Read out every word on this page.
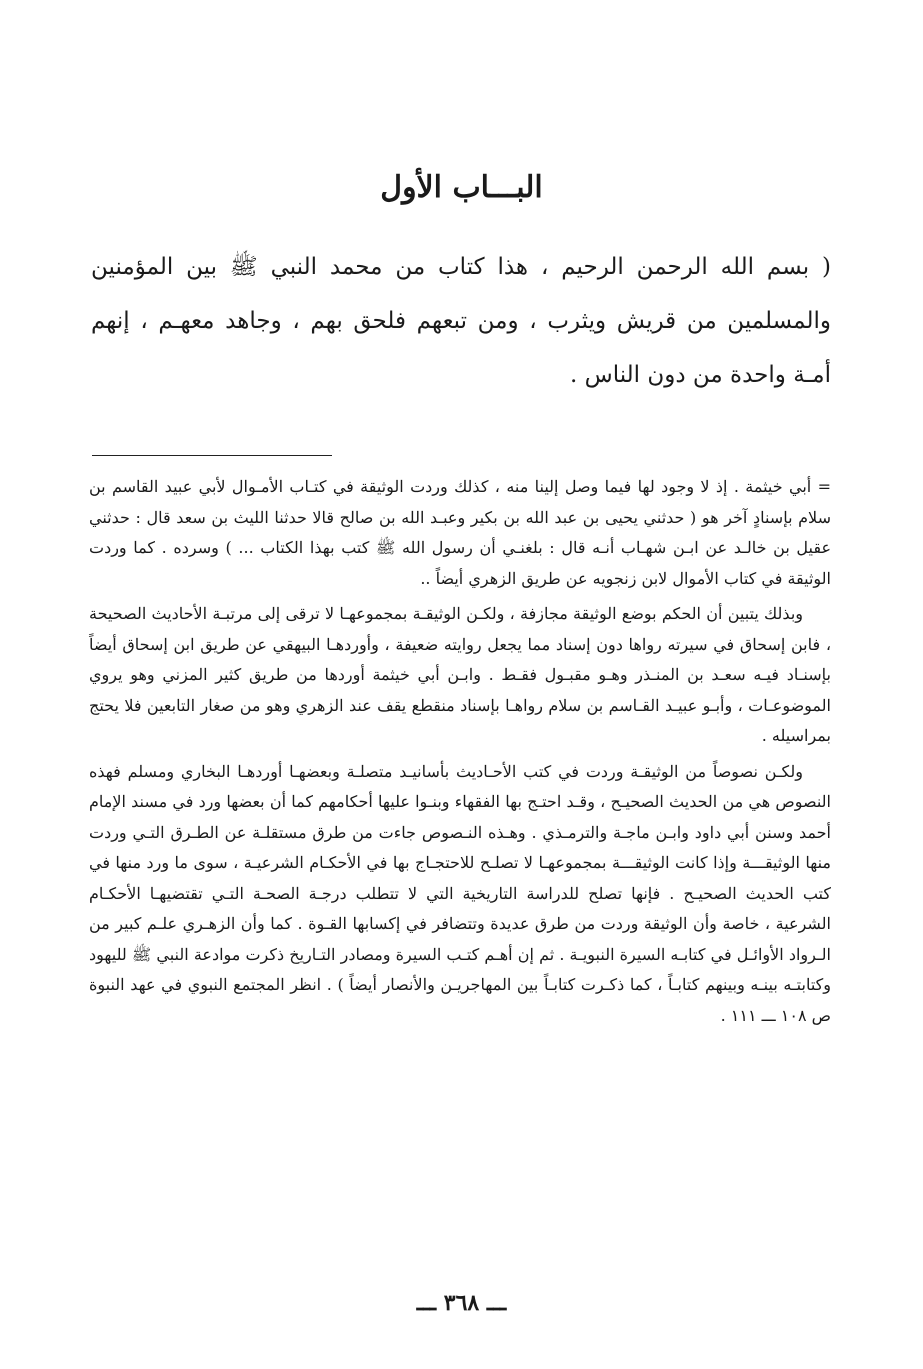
البـــاب الأول

( بسم الله الرحمن الرحيم ، هذا كتاب من محمد النبي ﷺ بين المؤمنين والمسلمين من قريش ويثرب ، ومن تبعهم فلحق بهم ، وجاهد معهـم ، إنهم أمـة واحدة من دون الناس .

= أبي خيثمة . إذ لا وجود لها فيما وصل إلينا منه ، كذلك وردت الوثيقة في كتـاب الأمـوال لأبي عبيد القاسم بن سلام بإسنادٍ آخر هو ( حدثني يحيى بن عبد الله بن بكير وعبـد الله بن صالح قالا حدثنا الليث بن سعد قال : حدثني عقيل بن خالـد عن ابـن شهـاب أنـه قال : بلغنـي أن رسول الله ﷺ كتب بهذا الكتاب ... ) وسرده . كما وردت الوثيقة في كتاب الأموال لابن زنجويه عن طريق الزهري أيضاً ..

وبذلك يتبين أن الحكم بوضع الوثيقة مجازفة ، ولكـن الوثيقـة بمجموعهـا لا ترقى إلى مرتبـة الأحاديث الصحيحة ، فابن إسحاق في سيرته رواها دون إسناد مما يجعل روايته ضعيفة ، وأوردهـا البيهقي عن طريق ابن إسحاق أيضاً بإسنـاد فيـه سعـد بن المنـذر وهـو مقبـول فقـط . وابـن أبي خيثمة أوردها من طريق كثير المزني وهو يروي الموضوعـات ، وأبـو عبيـد القـاسم بن سلام رواهـا بإسناد منقطع يقف عند الزهري وهو من صغار التابعين فلا يحتج بمراسيله .

ولكـن نصوصاً من الوثيقـة وردت في كتب الأحـاديث بأسانيـد متصلـة وبعضهـا أوردهـا البخاري ومسلم فهذه النصوص هي من الحديث الصحيـح ، وقـد احتـج بها الفقهاء وبنـوا عليها أحكامهم كما أن بعضها ورد في مسند الإمام أحمد وسنن أبي داود وابـن ماجـة والترمـذي . وهـذه النـصوص جاءت من طرق مستقلـة عن الطـرق التـي وردت منها الوثيقـــة وإذا كانت الوثيقـــة بمجموعهـا لا تصلـح للاحتجـاج بها في الأحكـام الشرعيـة ، سوى ما ورد منها في كتب الحديث الصحيـح . فإنها تصلح للدراسة التاريخية التي لا تتطلب درجـة الصحـة التـي تقتضيهـا الأحكـام الشرعية ، خاصة وأن الوثيقة وردت من طرق عديدة وتتضافر في إكسابها القـوة . كما وأن الزهـري علـم كبير من الـرواد الأوائـل في كتابـه السيرة النبويـة . ثم إن أهـم كتـب السيرة ومصادر التـاريخ ذكرت موادعة النبي ﷺ لليهود وكتابتـه بينـه وبينهم كتابـاً ، كما ذكـرت كتابـاً بين المهاجريـن والأنصار أيضاً ) . انظر المجتمع النبوي في عهد النبوة ص ١٠٨ ـــ ١١١ .

ـــ ٣٦٨ ـــ
